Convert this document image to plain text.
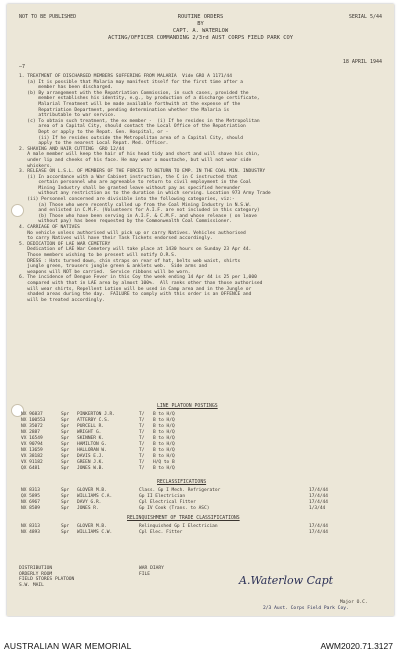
NOT TO BE PUBLISHED	ROUTINE ORDERS	SERIAL 5/44
BY
CAPT. A. WATERLOW
ACTING/OFFICER COMMANDING 2/3rd AUST CORPS FIELD PARK COY
18 APRIL 1944
—7
1. TREATMENT OF DISCHARGED MEMBERS SUFFERING FROM MALARIA  Vide GRO A 1171/44
(a) It is possible that Malaria may manifest itself for the first time after a
member has been discharged.
(b) By arrangement with the Repatriation Commission, in such cases, provided the
member establishes his identity, e.g., by production of a discharge certificate,
Malarial Treatment will be made available forthwith at the expense of the
Repatriation Department, pending determination whether the Malaria is
attributable to war service.
(c) To obtain such treatment, the ex member -  (i) If he resides in the Metropolitan
area of a Capital City, should contact the Local Office of the Repatriation
Dept or apply to the Repat. Gen. Hospital, or -
(ii) If he resides outside the Metropolitan area of a Capital City, should
apply to the nearest Local Repat. Med. Officer.
2. SHAVING AND HAIR CUTTING  GRO 12/44
A male member will keep the hair of his head tidy and short and will shave his chin,
under lip and cheeks of his face. He may wear a moustache, but will not wear side
whiskers.
3. RELEASE ON L.S.L. OF MEMBERS OF THE FORCES TO RETURN TO EMP. IN THE COAL MIN. INDUSTRY
(i) In accordance with a War Cabinet instruction, the C in C instructed that
certain personnel who are agreeable to return to civil employment in the Coal
Mining Industry shall be granted leave without pay as specified hereunder
without any restriction as to the duration in which serving. Location 973 Army Trade
(ii) Personnel concerned are divisible into the following categories, viz:-
(a) Those who were recently called up from the Coal Mining Industry in N.S.W.
and enlisted in C.M.F. (Volunteers for A.I.F. are not included in this category)
(b) Those who have been serving in A.I.F. & C.M.F. and whose release ( on leave
without pay) has been requested by the Commonwealth Coal Commissioner.
4. CARRIAGE OF NATIVES
No vehicle unless authorised will pick up or carry Natives. Vehicles authorised
to carry Natives will have their Task Tickets endorsed accordingly.
5. DEDICATION OF LAE WAR CEMETERY
Dedication of LAE War Cemetery will take place at 1430 hours on Sunday 23 Apr 44.
Those members wishing to be present will notify O.R.S.
DRESS : Hats turned down, chin straps on rear of hat, belts web waist, shirts
jungle green, trousers jungle green & anklets web.  Side arms and
weapons will NOT be carried.  Service ribbons will be worn.
6. The incidence of Dengue Fever in this Coy the week ending 14 Apr 44 is 25 per 1,000
compared with that in LAE area by almost 100%.  All ranks other than those authorised
will wear shirts, Repellent Lotion will be used in Camp area and in the Jungle or
shaded areas during the day.  FAILURE to comply with this order is an OFFENCE and
will be treated accordingly.
LINE PLATOON POSTINGS
NX 96837	Spr	PINKERTON J.R.	T/	B to H/Q
NX 100553	Spr	ATTERBY C.S.	T/	B to H/Q
NX 35072	Spr	PURCELL R.	T/	B to H/Q
NX 2887	Spr	WRIGHT G.	T/	B to H/Q
VX 16549	Spr	SKINNER K.	T/	B to H/Q
VX 90794	Spr	HAMILTON G.	T/	B to H/Q
NX 13659	Spr	HALLORAN W.	T/	B to H/Q
VX 38182	Spr	DAVIS E.J.	T/	B to H/Q
VX 91182	Spr	GREEN J.K.	T/	H/Q to B
QX 6481	Spr	JONES W.B.	T/	B to H/Q
RECLASSIFICATIONS
NX 8313	Spr	GLOVER M.B.	Class. Gp I Mech. Refrigerator	17/4/44
QX 5895	Spr	WILLIAMS C.A.	Gp II Electrician	17/4/44
NX 6967	Spr	DAVY G.R.	Cpl Electrical Fitter	17/4/44
NX 8589	Spr	JONES R.	Gp IV Cook (Trans. to ASC)	1/3/44
RELINQUISHMENT OF TRADE CLASSIFICATIONS
NX 8313	Spr	GLOVER M.B.	Relinquished Gp I Electrician	17/4/44
NX 4893	Spr	WILLIAMS C.W.	Cpl Elec. Fitter	17/4/44
DISTRIBUTION
ORDERLY ROOM
FIELD STORES PLATOON
S.W. MAIL
WAR DIARY
FILE	A.Waterlow Capt
Major O.C.
2/3 Aust. Corps Field Park Coy.
AUSTRALIAN WAR MEMORIAL	AWM2020.71.3127
